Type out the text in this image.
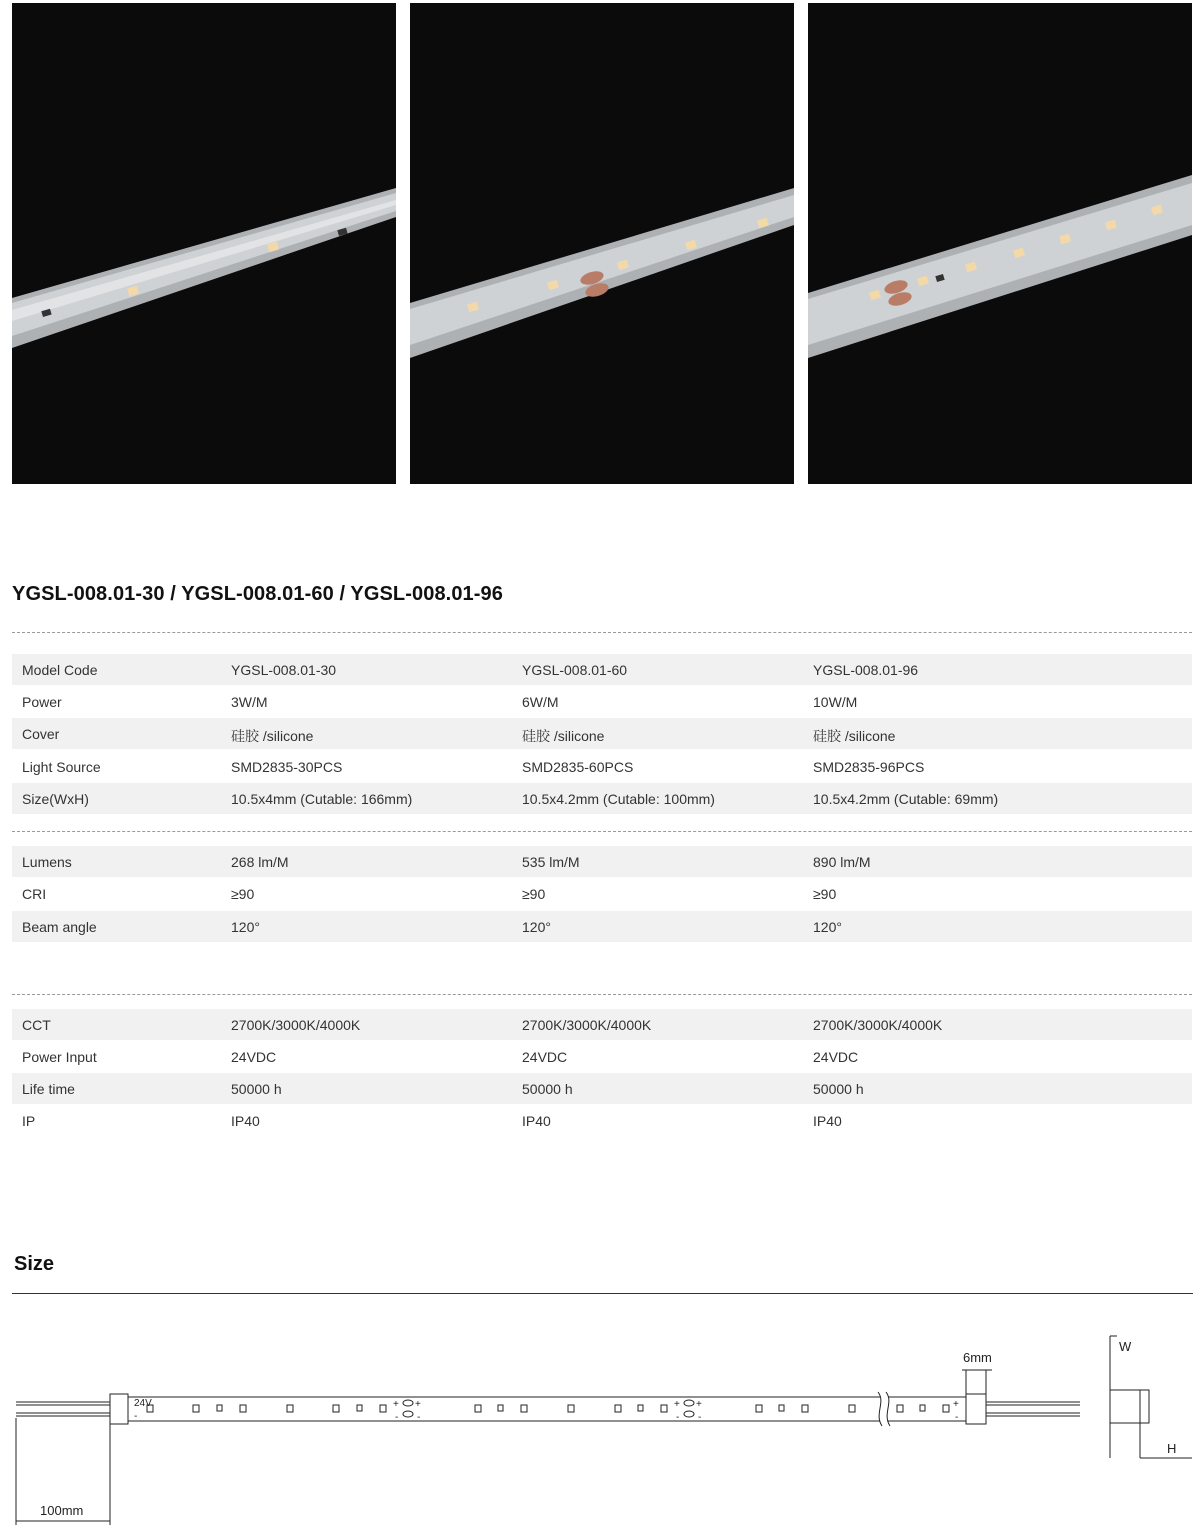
YGSL-008.01-30 / YGSL-008.01-60 / YGSL-008.01-96
Model Code	YGSL-008.01-30	YGSL-008.01-60	YGSL-008.01-96
Power	3W/M	6W/M	10W/M
Cover	硅胶 /silicone	硅胶 /silicone	硅胶 /silicone
Light Source	SMD2835-30PCS	SMD2835-60PCS	SMD2835-96PCS
Size(WxH)	10.5x4mm (Cutable: 166mm)	10.5x4.2mm (Cutable: 100mm)	10.5x4.2mm (Cutable: 69mm)
Lumens	268 lm/M	535 lm/M	890 lm/M
CRI	≥90	≥90	≥90
Beam angle	120°	120°	120°
CCT	2700K/3000K/4000K	2700K/3000K/4000K	2700K/3000K/4000K
Power Input	24VDC	24VDC	24VDC
Life time	50000 h	50000 h	50000 h
IP	IP40	IP40	IP40
Size
24V
-
+ +
- -
+ +
- -
+
-
100mm
6mm
W
H
